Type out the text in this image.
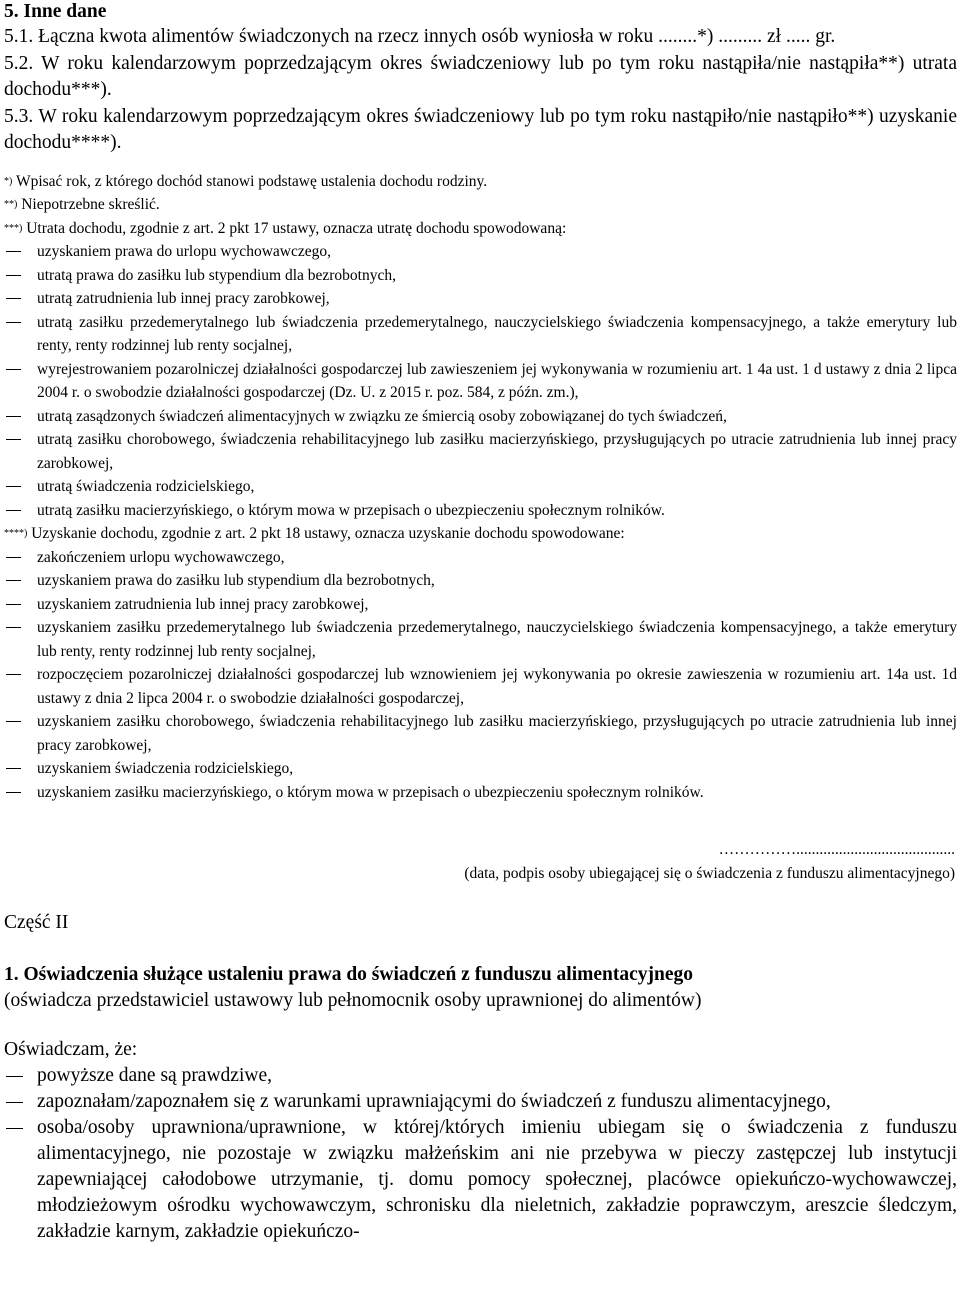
5. Inne dane

5.1. Łączna kwota alimentów świadczonych na rzecz innych osób wyniosła w roku ........*) ......... zł ..... gr.

5.2. W roku kalendarzowym poprzedzającym okres świadczeniowy lub po tym roku nastąpiła/nie nastąpiła**) utrata dochodu***).

5.3. W roku kalendarzowym poprzedzającym okres świadczeniowy lub po tym roku nastąpiło/nie nastąpiło**) uzyskanie dochodu****).

*) Wpisać rok, z którego dochód stanowi podstawę ustalenia dochodu rodziny.

**) Niepotrzebne skreślić.

***) Utrata dochodu, zgodnie z art. 2 pkt 17 ustawy, oznacza utratę dochodu spowodowaną:

uzyskaniem prawa do urlopu wychowawczego,
utratą prawa do zasiłku lub stypendium dla bezrobotnych,
utratą zatrudnienia lub innej pracy zarobkowej,
utratą zasiłku przedemerytalnego lub świadczenia przedemerytalnego, nauczycielskiego świadczenia kompensacyjnego, a także emerytury lub renty, renty rodzinnej lub renty socjalnej,
wyrejestrowaniem pozarolniczej działalności gospodarczej lub zawieszeniem jej wykonywania w rozumieniu art. 1 4a ust. 1 d ustawy z dnia 2 lipca 2004 r. o swobodzie działalności gospodarczej (Dz. U. z 2015 r. poz. 584, z późn. zm.),
utratą zasądzonych świadczeń alimentacyjnych w związku ze śmiercią osoby zobowiązanej do tych świadczeń,
utratą zasiłku chorobowego, świadczenia rehabilitacyjnego lub zasiłku macierzyńskiego, przysługujących po utracie zatrudnienia lub innej pracy zarobkowej,
utratą świadczenia rodzicielskiego,
utratą zasiłku macierzyńskiego, o którym mowa w przepisach o ubezpieczeniu społecznym rolników.

****) Uzyskanie dochodu, zgodnie z art. 2 pkt 18 ustawy, oznacza uzyskanie dochodu spowodowane:

zakończeniem urlopu wychowawczego,
uzyskaniem prawa do zasiłku lub stypendium dla bezrobotnych,
uzyskaniem zatrudnienia lub innej pracy zarobkowej,
uzyskaniem zasiłku przedemerytalnego lub świadczenia przedemerytalnego, nauczycielskiego świadczenia kompensacyjnego, a także emerytury lub renty, renty rodzinnej lub renty socjalnej,
rozpoczęciem pozarolniczej działalności gospodarczej lub wznowieniem jej wykonywania po okresie zawieszenia w rozumieniu art. 14a ust. 1d ustawy z dnia 2 lipca 2004 r. o swobodzie działalności gospodarczej,
uzyskaniem zasiłku chorobowego, świadczenia rehabilitacyjnego lub zasiłku macierzyńskiego, przysługujących po utracie zatrudnienia lub innej pracy zarobkowej,
uzyskaniem świadczenia rodzicielskiego,
uzyskaniem zasiłku macierzyńskiego, o którym mowa w przepisach o ubezpieczeniu społecznym rolników.
…………….........................................
(data, podpis osoby ubiegającej się o świadczenia z funduszu alimentacyjnego)
Część II
1. Oświadczenia służące ustaleniu prawa do świadczeń z funduszu alimentacyjnego
(oświadcza przedstawiciel ustawowy lub pełnomocnik osoby uprawnionej do alimentów)
Oświadczam, że:
powyższe dane są prawdziwe,
zapoznałam/zapoznałem się z warunkami uprawniającymi do świadczeń z funduszu alimentacyjnego,
osoba/osoby uprawniona/uprawnione, w której/których imieniu ubiegam się o świadczenia z funduszu alimentacyjnego, nie pozostaje w związku małżeńskim ani nie przebywa w pieczy zastępczej lub instytucji zapewniającej całodobowe utrzymanie, tj. domu pomocy społecznej, placówce opiekuńczo-wychowawczej, młodzieżowym ośrodku wychowawczym, schronisku dla nieletnich, zakładzie poprawczym, areszcie śledczym, zakładzie karnym, zakładzie opiekuńczo-
